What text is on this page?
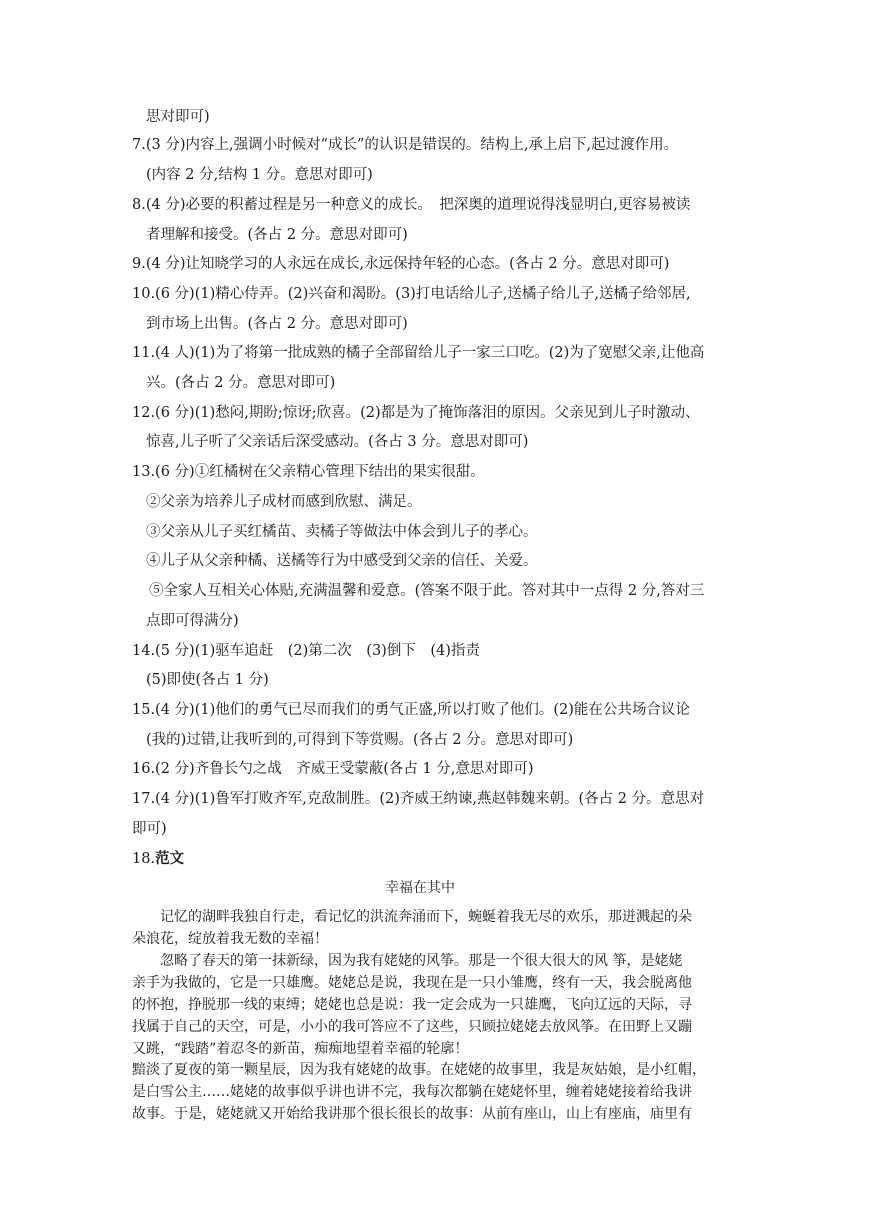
思对即可)
7.(3 分)内容上,强调小时候对“成长”的认识是错误的。结构上,承上启下,起过渡作用。
(内容 2 分,结构 1 分。意思对即可)
8.(4 分)必要的积蓄过程是另一种意义的成长。　把深奥的道理说得浅显明白,更容易被读
者理解和接受。(各占 2 分。意思对即可)
9.(4 分)让知晓学习的人永远在成长,永远保持年轻的心态。(各占 2 分。意思对即可)
10.(6 分)(1)精心侍弄。(2)兴奋和渴盼。(3)打电话给儿子,送橘子给儿子,送橘子给邻居,
到市场上出售。(各占 2 分。意思对即可)
11.(4 人)(1)为了将第一批成熟的橘子全部留给儿子一家三口吃。(2)为了宽慰父亲,让他高
兴。(各占 2 分。意思对即可)
12.(6 分)(1)愁闷,期盼;惊讶;欣喜。(2)都是为了掩饰落泪的原因。父亲见到儿子时激动、
惊喜,儿子听了父亲话后深受感动。(各占 3 分。意思对即可)
13.(6 分)①红橘树在父亲精心管理下结出的果实很甜。
②父亲为培养儿子成材而感到欣慰、满足。
③父亲从儿子买红橘苗、卖橘子等做法中体会到儿子的孝心。
④儿子从父亲种橘、送橘等行为中感受到父亲的信任、关爱。
⑤全家人互相关心体贴,充满温馨和爱意。(答案不限于此。答对其中一点得 2 分,答对三
点即可得满分)
14.(5 分)(1)驱车追赶　(2)第二次　(3)倒下　(4)指责
(5)即使(各占 1 分)
15.(4 分)(1)他们的勇气已尽而我们的勇气正盛,所以打败了他们。(2)能在公共场合议论
(我的)过错,让我听到的,可得到下等赏赐。(各占 2 分。意思对即可)
16.(2 分)齐鲁长勺之战　齐威王受蒙蔽(各占 1 分,意思对即可)
17.(4 分)(1)鲁军打败齐军,克敌制胜。(2)齐威王纳谏,燕赵韩魏来朝。(各占 2 分。意思对
即可)
18.范文
幸福在其中
记忆的湖畔我独自行走，看记忆的洪流奔涌而下，蜿蜒着我无尽的欢乐，那迸溅起的朵
朵浪花，绽放着我无数的幸福！
忽略了春天的第一抹新绿，因为我有姥姥的风筝。那是一个很大很大的风 筝，是姥姥
亲手为我做的，它是一只雄鹰。姥姥总是说，我现在是一只小雏鹰，终有一天，我会脱离他
的怀抱，挣脱那一线的束缚；姥姥也总是说：我一定会成为一只雄鹰，飞向辽远的天际，寻
找属于自己的天空，可是，小小的我可答应不了这些，只顾拉姥姥去放风筝。在田野上又蹦
又跳，“践踏”着忍冬的新苗，痴痴地望着幸福的轮廓！
黯淡了夏夜的第一颗星辰，因为我有姥姥的故事。在姥姥的故事里，我是灰姑娘，是小红帽，
是白雪公主……姥姥的故事似乎讲也讲不完，我每次都躺在姥姥怀里，缠着姥姥接着给我讲
故事。于是，姥姥就又开始给我讲那个很长很长的故事：从前有座山，山上有座庙，庙里有
